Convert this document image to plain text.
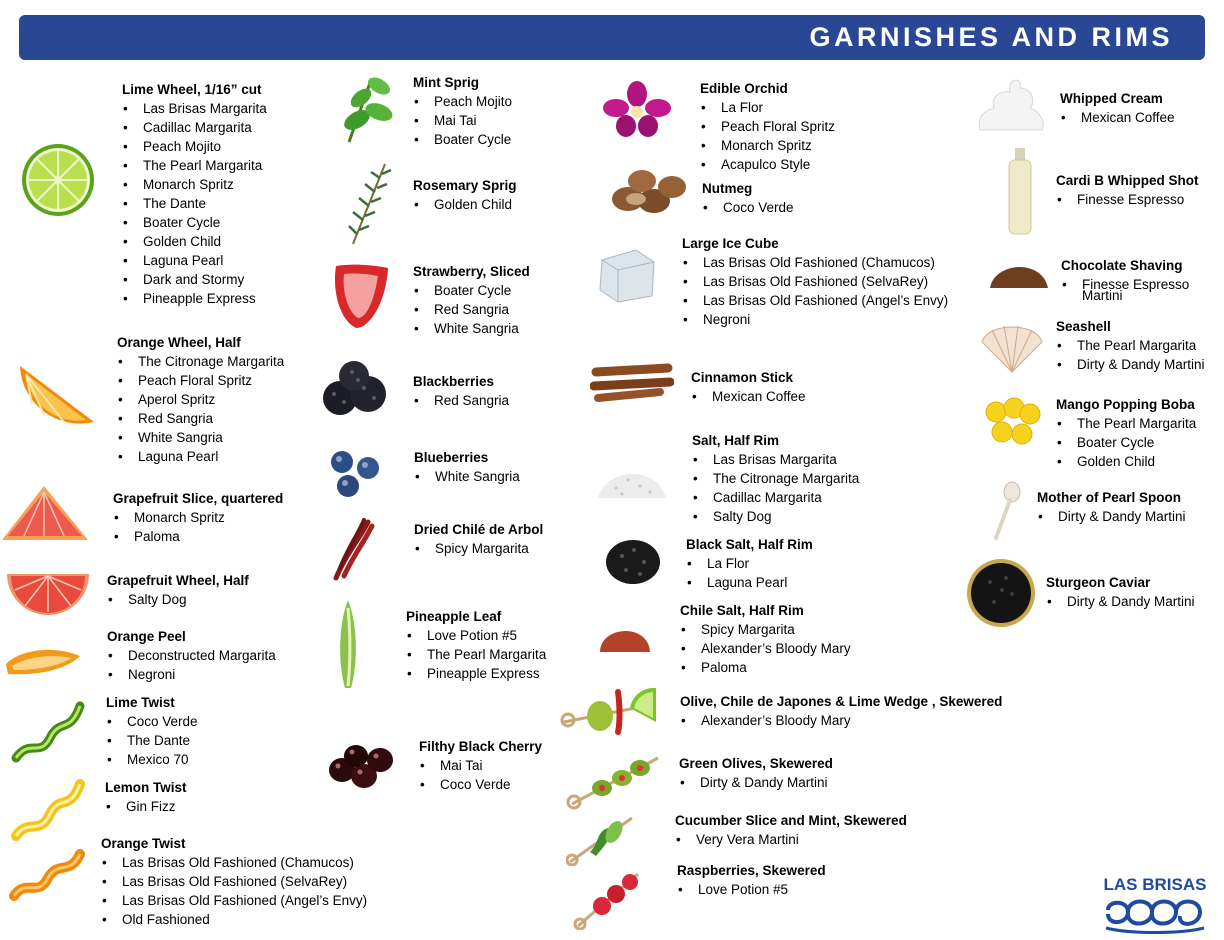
GARNISHES AND RIMS
LAS BRISAS
Lime Wheel, 1/16” cut
• Las Brisas Margarita
• Cadillac Margarita
• Peach Mojito
• The Pearl Margarita
• Monarch Spritz
• The Dante
• Boater Cycle
• Golden Child
• Laguna Pearl
• Dark and Stormy
• Pineapple Express
Orange Wheel, Half
• The Citronage Margarita
• Peach Floral Spritz
• Aperol Spritz
• Red Sangria
• White Sangria
• Laguna Pearl
Grapefruit Slice, quartered
• Monarch Spritz
• Paloma
Grapefruit Wheel, Half
• Salty Dog
Orange Peel
• Deconstructed Margarita
• Negroni
Lime Twist
• Coco Verde
• The Dante
• Mexico 70
Lemon Twist
• Gin Fizz
Orange Twist
• Las Brisas Old Fashioned (Chamucos)
• Las Brisas Old Fashioned (SelvaRey)
• Las Brisas Old Fashioned (Angel’s Envy)
• Old Fashioned
Mint Sprig
• Peach Mojito
• Mai Tai
• Boater Cycle
Rosemary Sprig
• Golden Child
Strawberry, Sliced
• Boater Cycle
• Red Sangria
• White Sangria
Blackberries
• Red Sangria
Blueberries
• White Sangria
Dried Chilé de Arbol
• Spicy Margarita
Pineapple Leaf
• Love Potion #5
• The Pearl Margarita
• Pineapple Express
Filthy Black Cherry
• Mai Tai
• Coco Verde
Edible Orchid
• La Flor
• Peach Floral Spritz
• Monarch Spritz
• Acapulco Style
Nutmeg
• Coco Verde
Large Ice Cube
• Las Brisas Old Fashioned (Chamucos)
• Las Brisas Old Fashioned (SelvaRey)
• Las Brisas Old Fashioned (Angel’s Envy)
• Negroni
Cinnamon Stick
• Mexican Coffee
Salt, Half Rim
• Las Brisas Margarita
• The Citronage Margarita
• Cadillac Margarita
• Salty Dog
Black Salt, Half Rim
• La Flor
• Laguna Pearl
Chile Salt, Half Rim
• Spicy Margarita
• Alexander’s Bloody Mary
• Paloma
Olive, Chile de Japones & Lime Wedge , Skewered
• Alexander’s Bloody Mary
Green Olives, Skewered
• Dirty & Dandy Martini
Cucumber Slice and Mint, Skewered
• Very Vera Martini
Raspberries, Skewered
• Love Potion #5
Whipped Cream
• Mexican Coffee
Cardi B Whipped Shot
• Finesse Espresso
Chocolate Shaving
• Finesse Espresso Martini
Seashell
• The Pearl Margarita
• Dirty & Dandy Martini
Mango Popping Boba
• The Pearl Margarita
• Boater Cycle
• Golden Child
Mother of Pearl Spoon
• Dirty & Dandy Martini
Sturgeon Caviar
• Dirty & Dandy Martini
